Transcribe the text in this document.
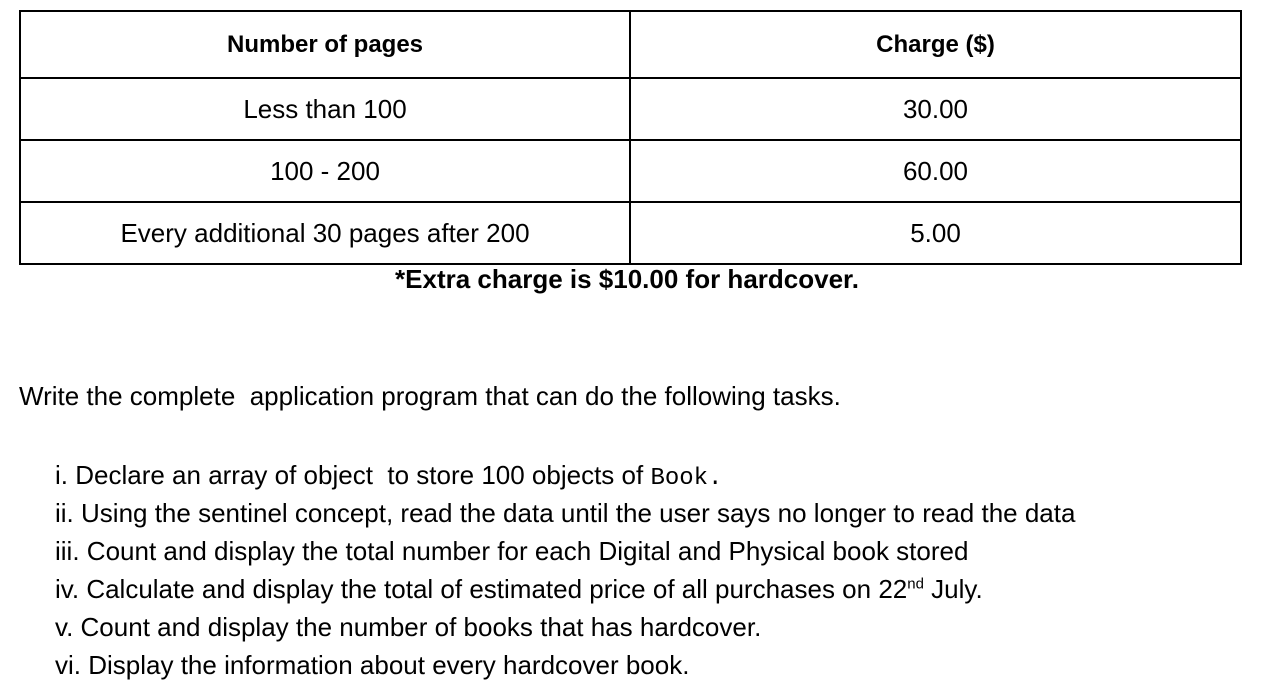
Number of pages	Charge ($)
Less than 100	30.00
100 - 200	60.00
Every additional 30 pages after 200	5.00
*Extra charge is $10.00 for hardcover.
Write the complete  application program that can do the following tasks.
i. Declare an array of object  to store 100 objects of Book.
ii. Using the sentinel concept, read the data until the user says no longer to read the data
iii. Count and display the total number for each Digital and Physical book stored
iv. Calculate and display the total of estimated price of all purchases on 22nd July.
v. Count and display the number of books that has hardcover.
vi. Display the information about every hardcover book.
